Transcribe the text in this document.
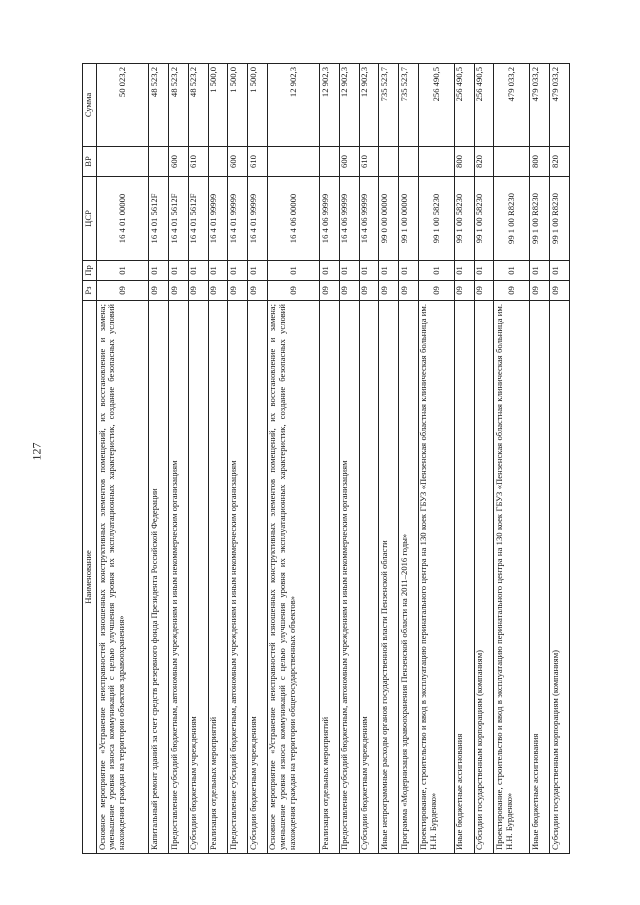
127
Наименование	Рз	Пр	ЦСР	ВР	Сумма
Основное мероприятие «Устранение неисправностей изношенных конструктивных элементов помещений, их восстановление и замена; уменьшение уровня износа коммуникаций с целью улучшения уровня их эксплуатационных характеристик, создание безопасных условий нахождения граждан на территории объектов здравоохранения»	09	01	16 4 01 00000		50 023,2
Капитальный ремонт зданий за счет средств резервного фонда Президента Российской Федерации	09	01	16 4 01 5612F		48 523,2
Предоставление субсидий бюджетным, автономным учреждениям и иным некоммерческим организациям	09	01	16 4 01 5612F	600	48 523,2
Субсидии бюджетным учреждениям	09	01	16 4 01 5612F	610	48 523,2
Реализация отдельных мероприятий	09	01	16 4 01 99999		1 500,0
Предоставление субсидий бюджетным, автономным учреждениям и иным некоммерческим организациям	09	01	16 4 01 99999	600	1 500,0
Субсидии бюджетным учреждениям	09	01	16 4 01 99999	610	1 500,0
Основное мероприятие «Устранение неисправностей изношенных конструктивных элементов помещений, их восстановление и замена; уменьшение уровня износа коммуникаций с целью улучшения уровня их эксплуатационных характеристик, создание безопасных условий нахождения граждан на территории общегосударственных объектов»	09	01	16 4 06 00000		12 902,3
Реализация отдельных мероприятий	09	01	16 4 06 99999		12 902,3
Предоставление субсидий бюджетным, автономным учреждениям и иным некоммерческим организациям	09	01	16 4 06 99999	600	12 902,3
Субсидии бюджетным учреждениям	09	01	16 4 06 99999	610	12 902,3
Иные непрограммные расходы органов государственной власти Пензенской области	09	01	99 0 00 00000		735 523,7
Программа «Модернизация здравоохранения Пензенской области на 2011–2016 годы»	09	01	99 1 00 00000		735 523,7
Проектирование, строительство и ввод в эксплуатацию перинатального центра на 130 коек ГБУЗ «Пензенская областная клиническая больница им. Н.Н. Бурденко»	09	01	99 1 00 58230		256 490,5
Иные бюджетные ассигнования	09	01	99 1 00 58230	800	256 490,5
Субсидии государственным корпорациям (компаниям)	09	01	99 1 00 58230	820	256 490,5
Проектирование, строительство и ввод в эксплуатацию перинатального центра на 130 коек ГБУЗ «Пензенская областная клиническая больница им. Н.Н. Бурденко»	09	01	99 1 00 R8230		479 033,2
Иные бюджетные ассигнования	09	01	99 1 00 R8230	800	479 033,2
Субсидии государственным корпорациям (компаниям)	09	01	99 1 00 R8230	820	479 033,2
